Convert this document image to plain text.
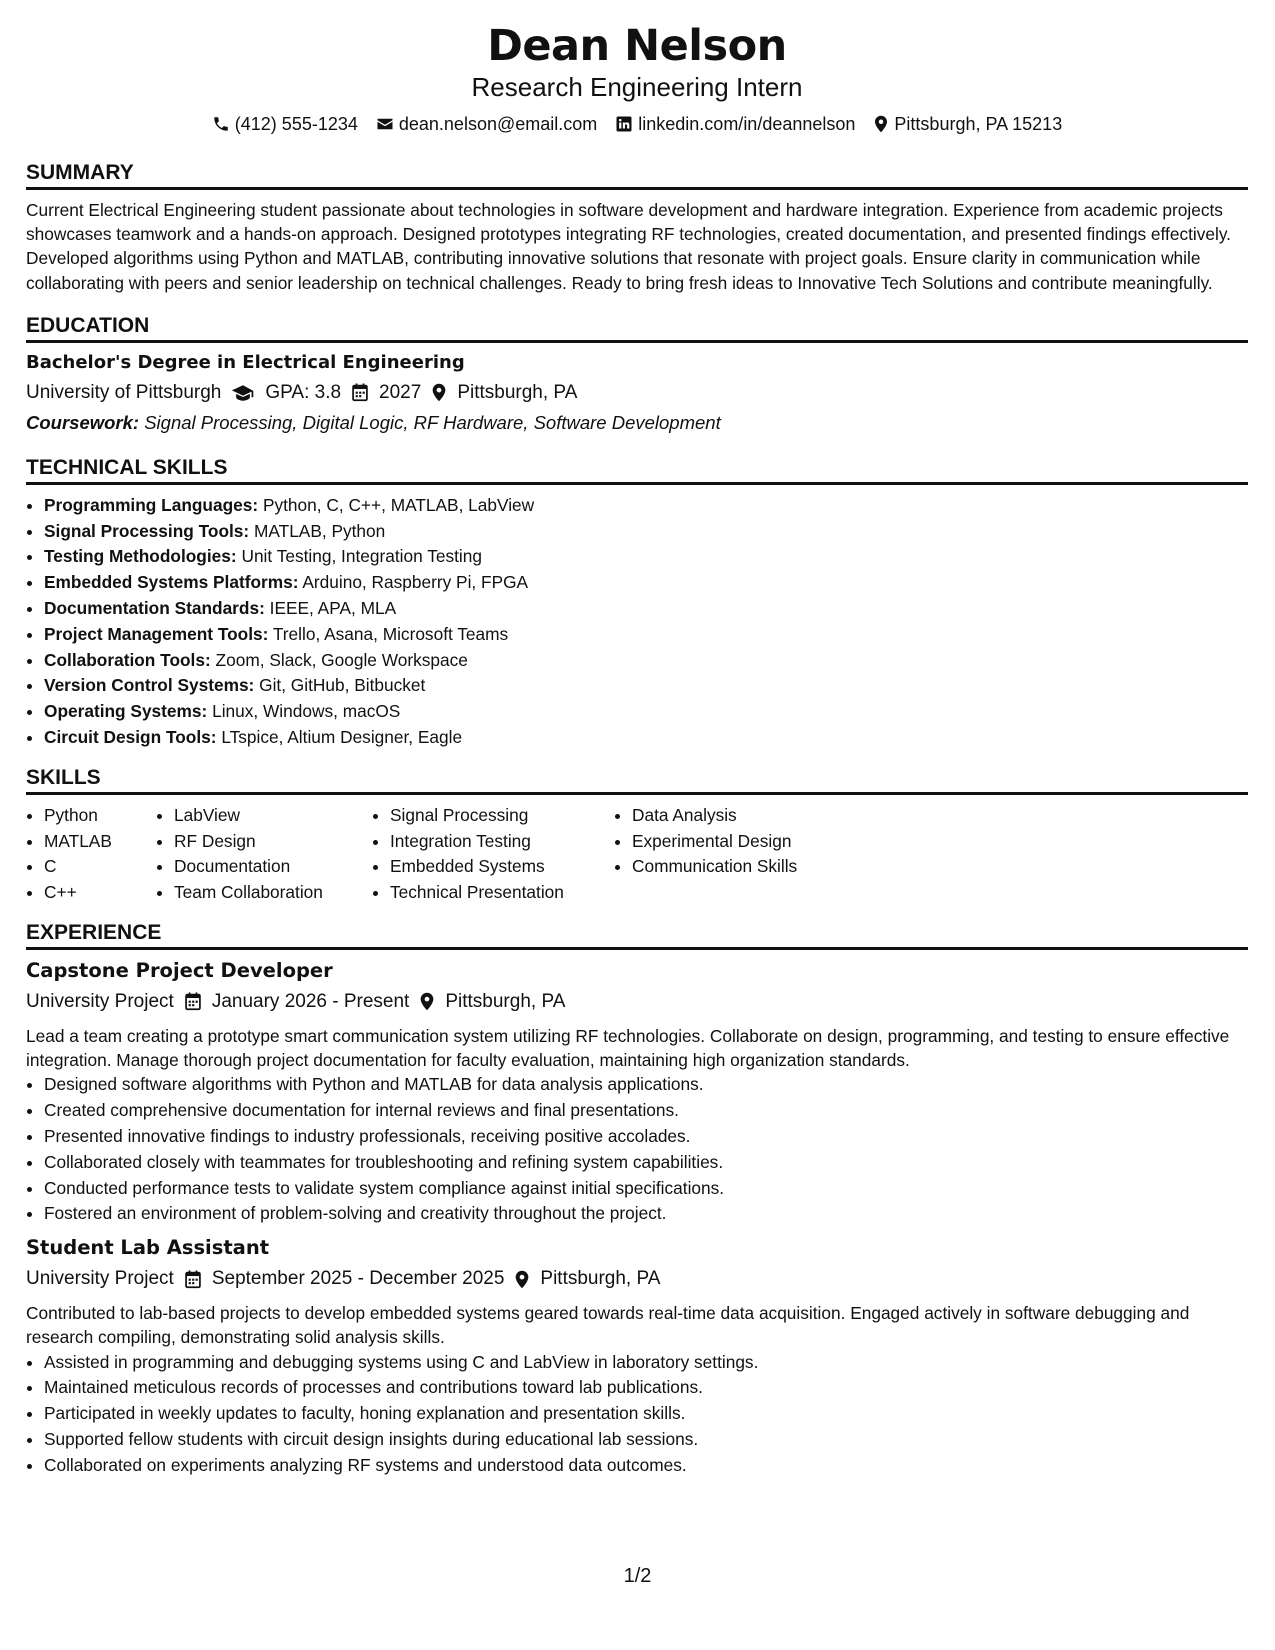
Dean Nelson
Research Engineering Intern
(412) 555-1234 dean.nelson@email.com linkedin.com/in/deannelson Pittsburgh, PA 15213
SUMMARY
Current Electrical Engineering student passionate about technologies in software development and hardware integration. Experience from academic projects showcases teamwork and a hands-on approach. Designed prototypes integrating RF technologies, created documentation, and presented findings effectively. Developed algorithms using Python and MATLAB, contributing innovative solutions that resonate with project goals. Ensure clarity in communication while collaborating with peers and senior leadership on technical challenges. Ready to bring fresh ideas to Innovative Tech Solutions and contribute meaningfully.
EDUCATION
Bachelor's Degree in Electrical Engineering
University of Pittsburgh GPA: 3.8 2027 Pittsburgh, PA
Coursework: Signal Processing, Digital Logic, RF Hardware, Software Development
TECHNICAL SKILLS
• Programming Languages: Python, C, C++, MATLAB, LabView
• Signal Processing Tools: MATLAB, Python
• Testing Methodologies: Unit Testing, Integration Testing
• Embedded Systems Platforms: Arduino, Raspberry Pi, FPGA
• Documentation Standards: IEEE, APA, MLA
• Project Management Tools: Trello, Asana, Microsoft Teams
• Collaboration Tools: Zoom, Slack, Google Workspace
• Version Control Systems: Git, GitHub, Bitbucket
• Operating Systems: Linux, Windows, macOS
• Circuit Design Tools: LTspice, Altium Designer, Eagle
SKILLS
• Python
• MATLAB
• C
• C++
• LabView
• RF Design
• Documentation
• Team Collaboration
• Signal Processing
• Integration Testing
• Embedded Systems
• Technical Presentation
• Data Analysis
• Experimental Design
• Communication Skills
EXPERIENCE
Capstone Project Developer
University Project January 2026 - Present Pittsburgh, PA
Lead a team creating a prototype smart communication system utilizing RF technologies. Collaborate on design, programming, and testing to ensure effective integration. Manage thorough project documentation for faculty evaluation, maintaining high organization standards.
• Designed software algorithms with Python and MATLAB for data analysis applications.
• Created comprehensive documentation for internal reviews and final presentations.
• Presented innovative findings to industry professionals, receiving positive accolades.
• Collaborated closely with teammates for troubleshooting and refining system capabilities.
• Conducted performance tests to validate system compliance against initial specifications.
• Fostered an environment of problem-solving and creativity throughout the project.
Student Lab Assistant
University Project September 2025 - December 2025 Pittsburgh, PA
Contributed to lab-based projects to develop embedded systems geared towards real-time data acquisition. Engaged actively in software debugging and research compiling, demonstrating solid analysis skills.
• Assisted in programming and debugging systems using C and LabView in laboratory settings.
• Maintained meticulous records of processes and contributions toward lab publications.
• Participated in weekly updates to faculty, honing explanation and presentation skills.
• Supported fellow students with circuit design insights during educational lab sessions.
• Collaborated on experiments analyzing RF systems and understood data outcomes.
1/2
